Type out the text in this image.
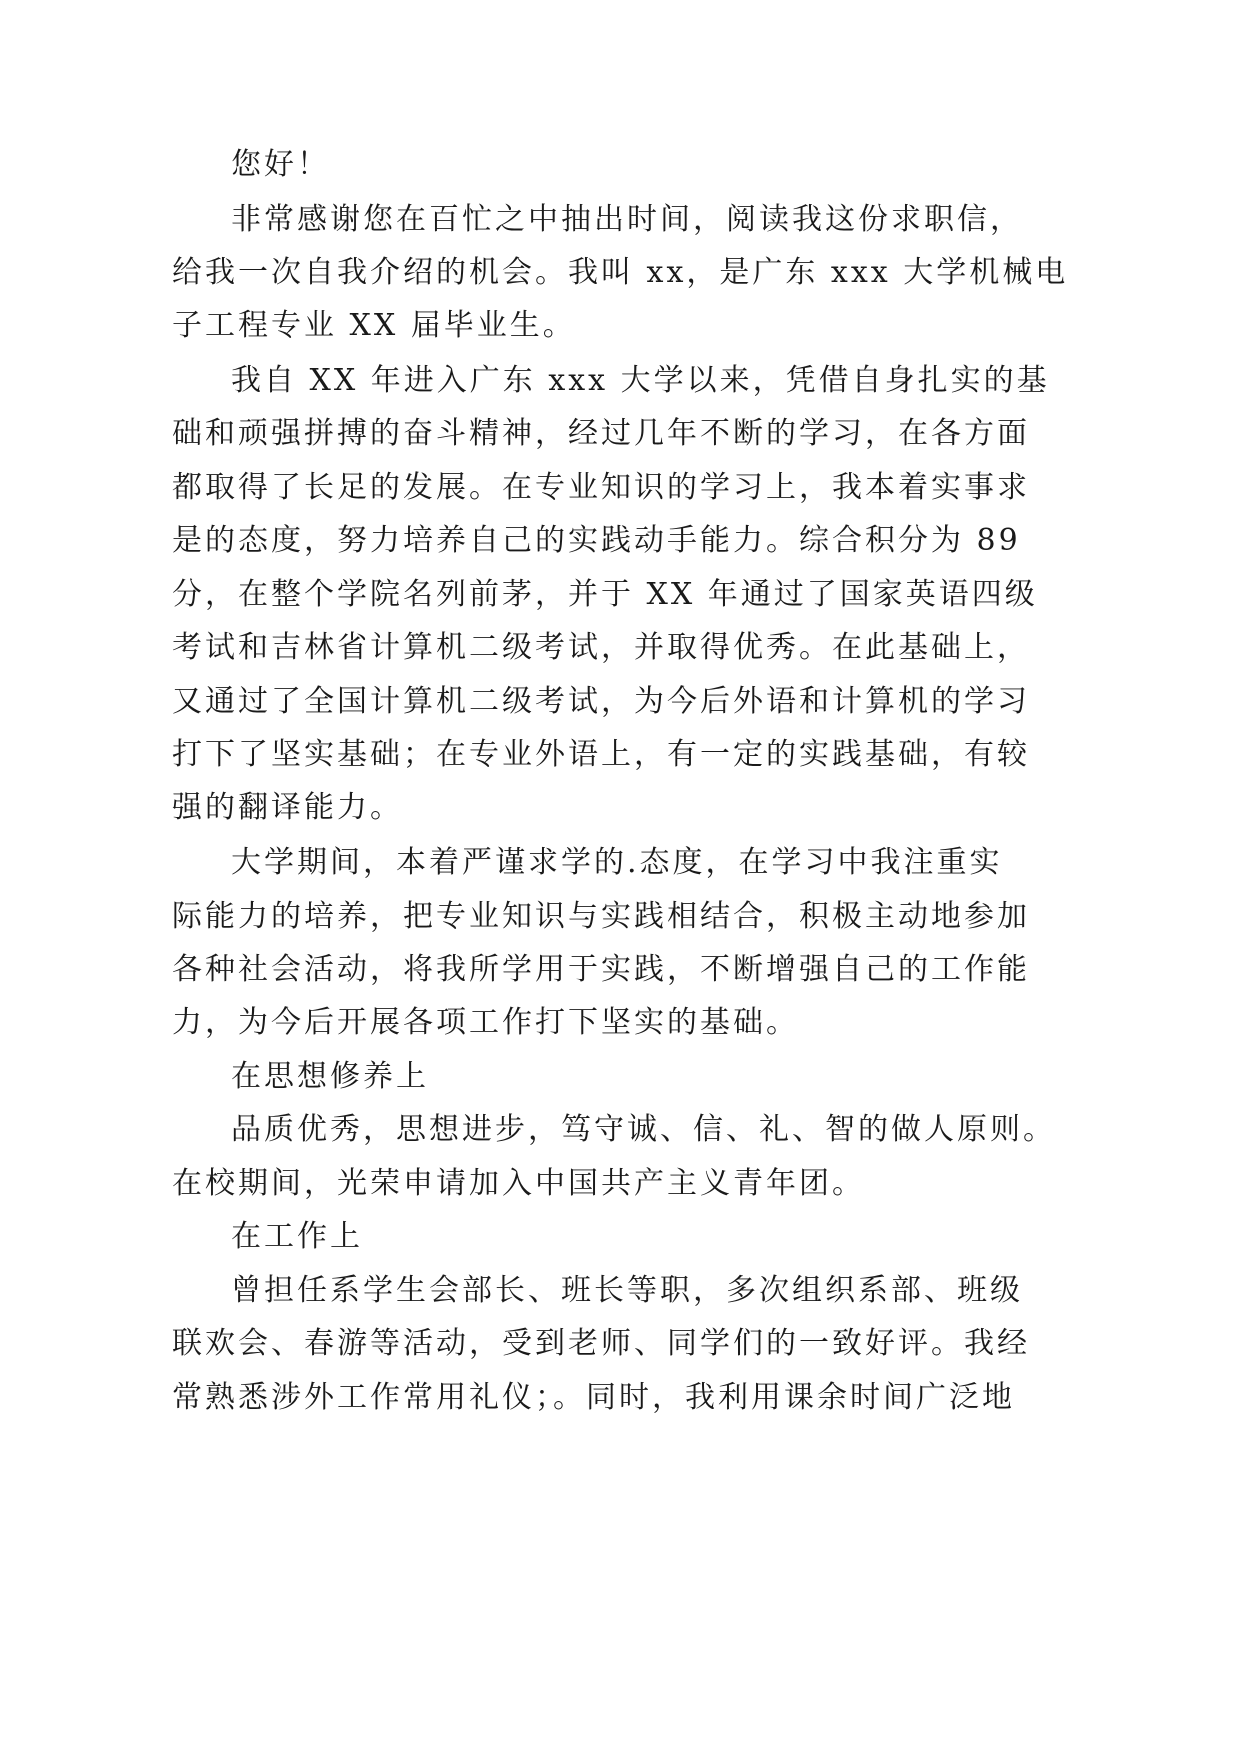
您好！
非常感谢您在百忙之中抽出时间，阅读我这份求职信，
给我一次自我介绍的机会。我叫 xx，是广东 xxx 大学机械电
子工程专业 XX 届毕业生。
我自 XX 年进入广东 xxx 大学以来，凭借自身扎实的基
础和顽强拼搏的奋斗精神，经过几年不断的学习，在各方面
都取得了长足的发展。在专业知识的学习上，我本着实事求
是的态度，努力培养自己的实践动手能力。综合积分为 89
分，在整个学院名列前茅，并于 XX 年通过了国家英语四级
考试和吉林省计算机二级考试，并取得优秀。在此基础上，
又通过了全国计算机二级考试，为今后外语和计算机的学习
打下了坚实基础；在专业外语上，有一定的实践基础，有较
强的翻译能力。
大学期间，本着严谨求学的.态度，在学习中我注重实
际能力的培养，把专业知识与实践相结合，积极主动地参加
各种社会活动，将我所学用于实践，不断增强自己的工作能
力，为今后开展各项工作打下坚实的基础。
在思想修养上
品质优秀，思想进步，笃守诚、信、礼、智的做人原则。
在校期间，光荣申请加入中国共产主义青年团。
在工作上
曾担任系学生会部长、班长等职，多次组织系部、班级
联欢会、春游等活动，受到老师、同学们的一致好评。我经
常熟悉涉外工作常用礼仪；。同时，我利用课余时间广泛地
